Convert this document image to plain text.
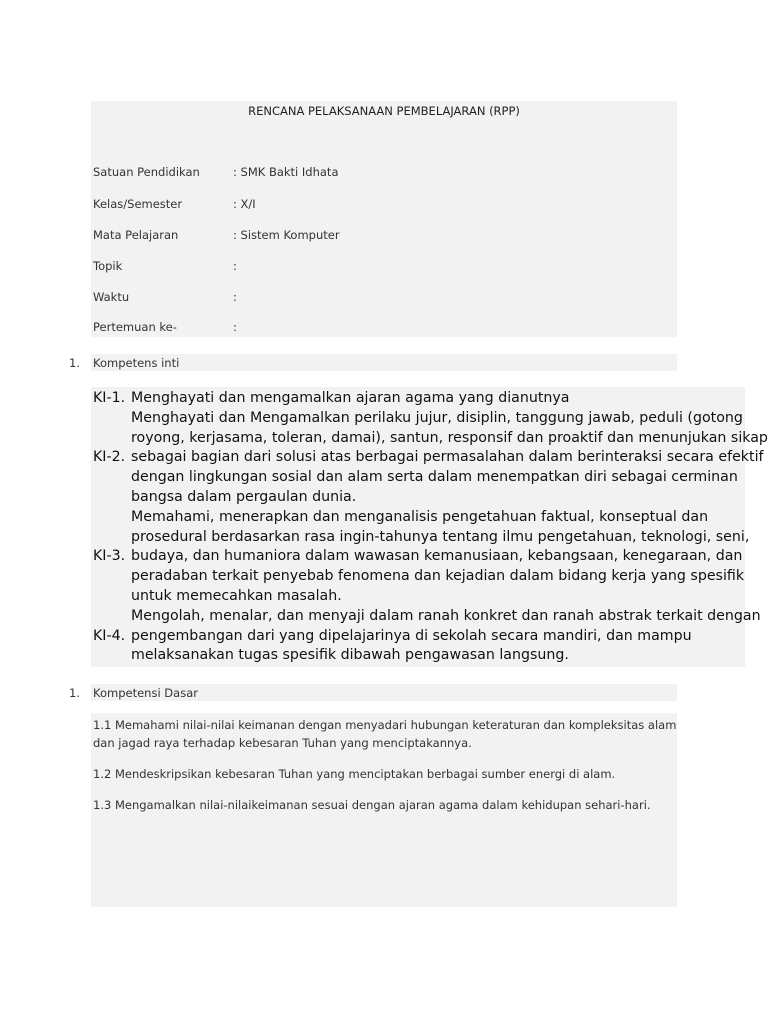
RENCANA PELAKSANAAN PEMBELAJARAN (RPP)
Satuan Pendidikan	: SMK Bakti Idhata
Kelas/Semester	: X/I
Mata Pelajaran	: Sistem Komputer
Topik	:
Waktu	:
Pertemuan ke-	:
1. Kompetens inti
KI-1. Menghayati dan mengamalkan ajaran agama yang dianutnya
KI-2.
Menghayati dan Mengamalkan perilaku jujur, disiplin, tanggung jawab, peduli (gotong
royong, kerjasama, toleran, damai), santun, responsif dan proaktif dan menunjukan sikap
sebagai bagian dari solusi atas berbagai permasalahan dalam berinteraksi secara efektif
dengan lingkungan sosial dan alam serta dalam menempatkan diri sebagai cerminan
bangsa dalam pergaulan dunia.
KI-3.
Memahami, menerapkan dan menganalisis pengetahuan faktual, konseptual dan
prosedural berdasarkan rasa ingin-tahunya tentang ilmu pengetahuan, teknologi, seni,
budaya, dan humaniora dalam wawasan kemanusiaan, kebangsaan, kenegaraan, dan
peradaban terkait penyebab fenomena dan kejadian dalam bidang kerja yang spesifik
untuk memecahkan masalah.
KI-4.
Mengolah, menalar, dan menyaji dalam ranah konkret dan ranah abstrak terkait dengan
pengembangan dari yang dipelajarinya di sekolah secara mandiri, dan mampu
melaksanakan tugas spesifik dibawah pengawasan langsung.
1. Kompetensi Dasar
1.1 Memahami nilai-nilai keimanan dengan menyadari hubungan keteraturan dan kompleksitas alam
dan jagad raya terhadap kebesaran Tuhan yang menciptakannya.
1.2 Mendeskripsikan kebesaran Tuhan yang menciptakan berbagai sumber energi di alam.
1.3 Mengamalkan nilai-nilaikeimanan sesuai dengan ajaran agama dalam kehidupan sehari-hari.
